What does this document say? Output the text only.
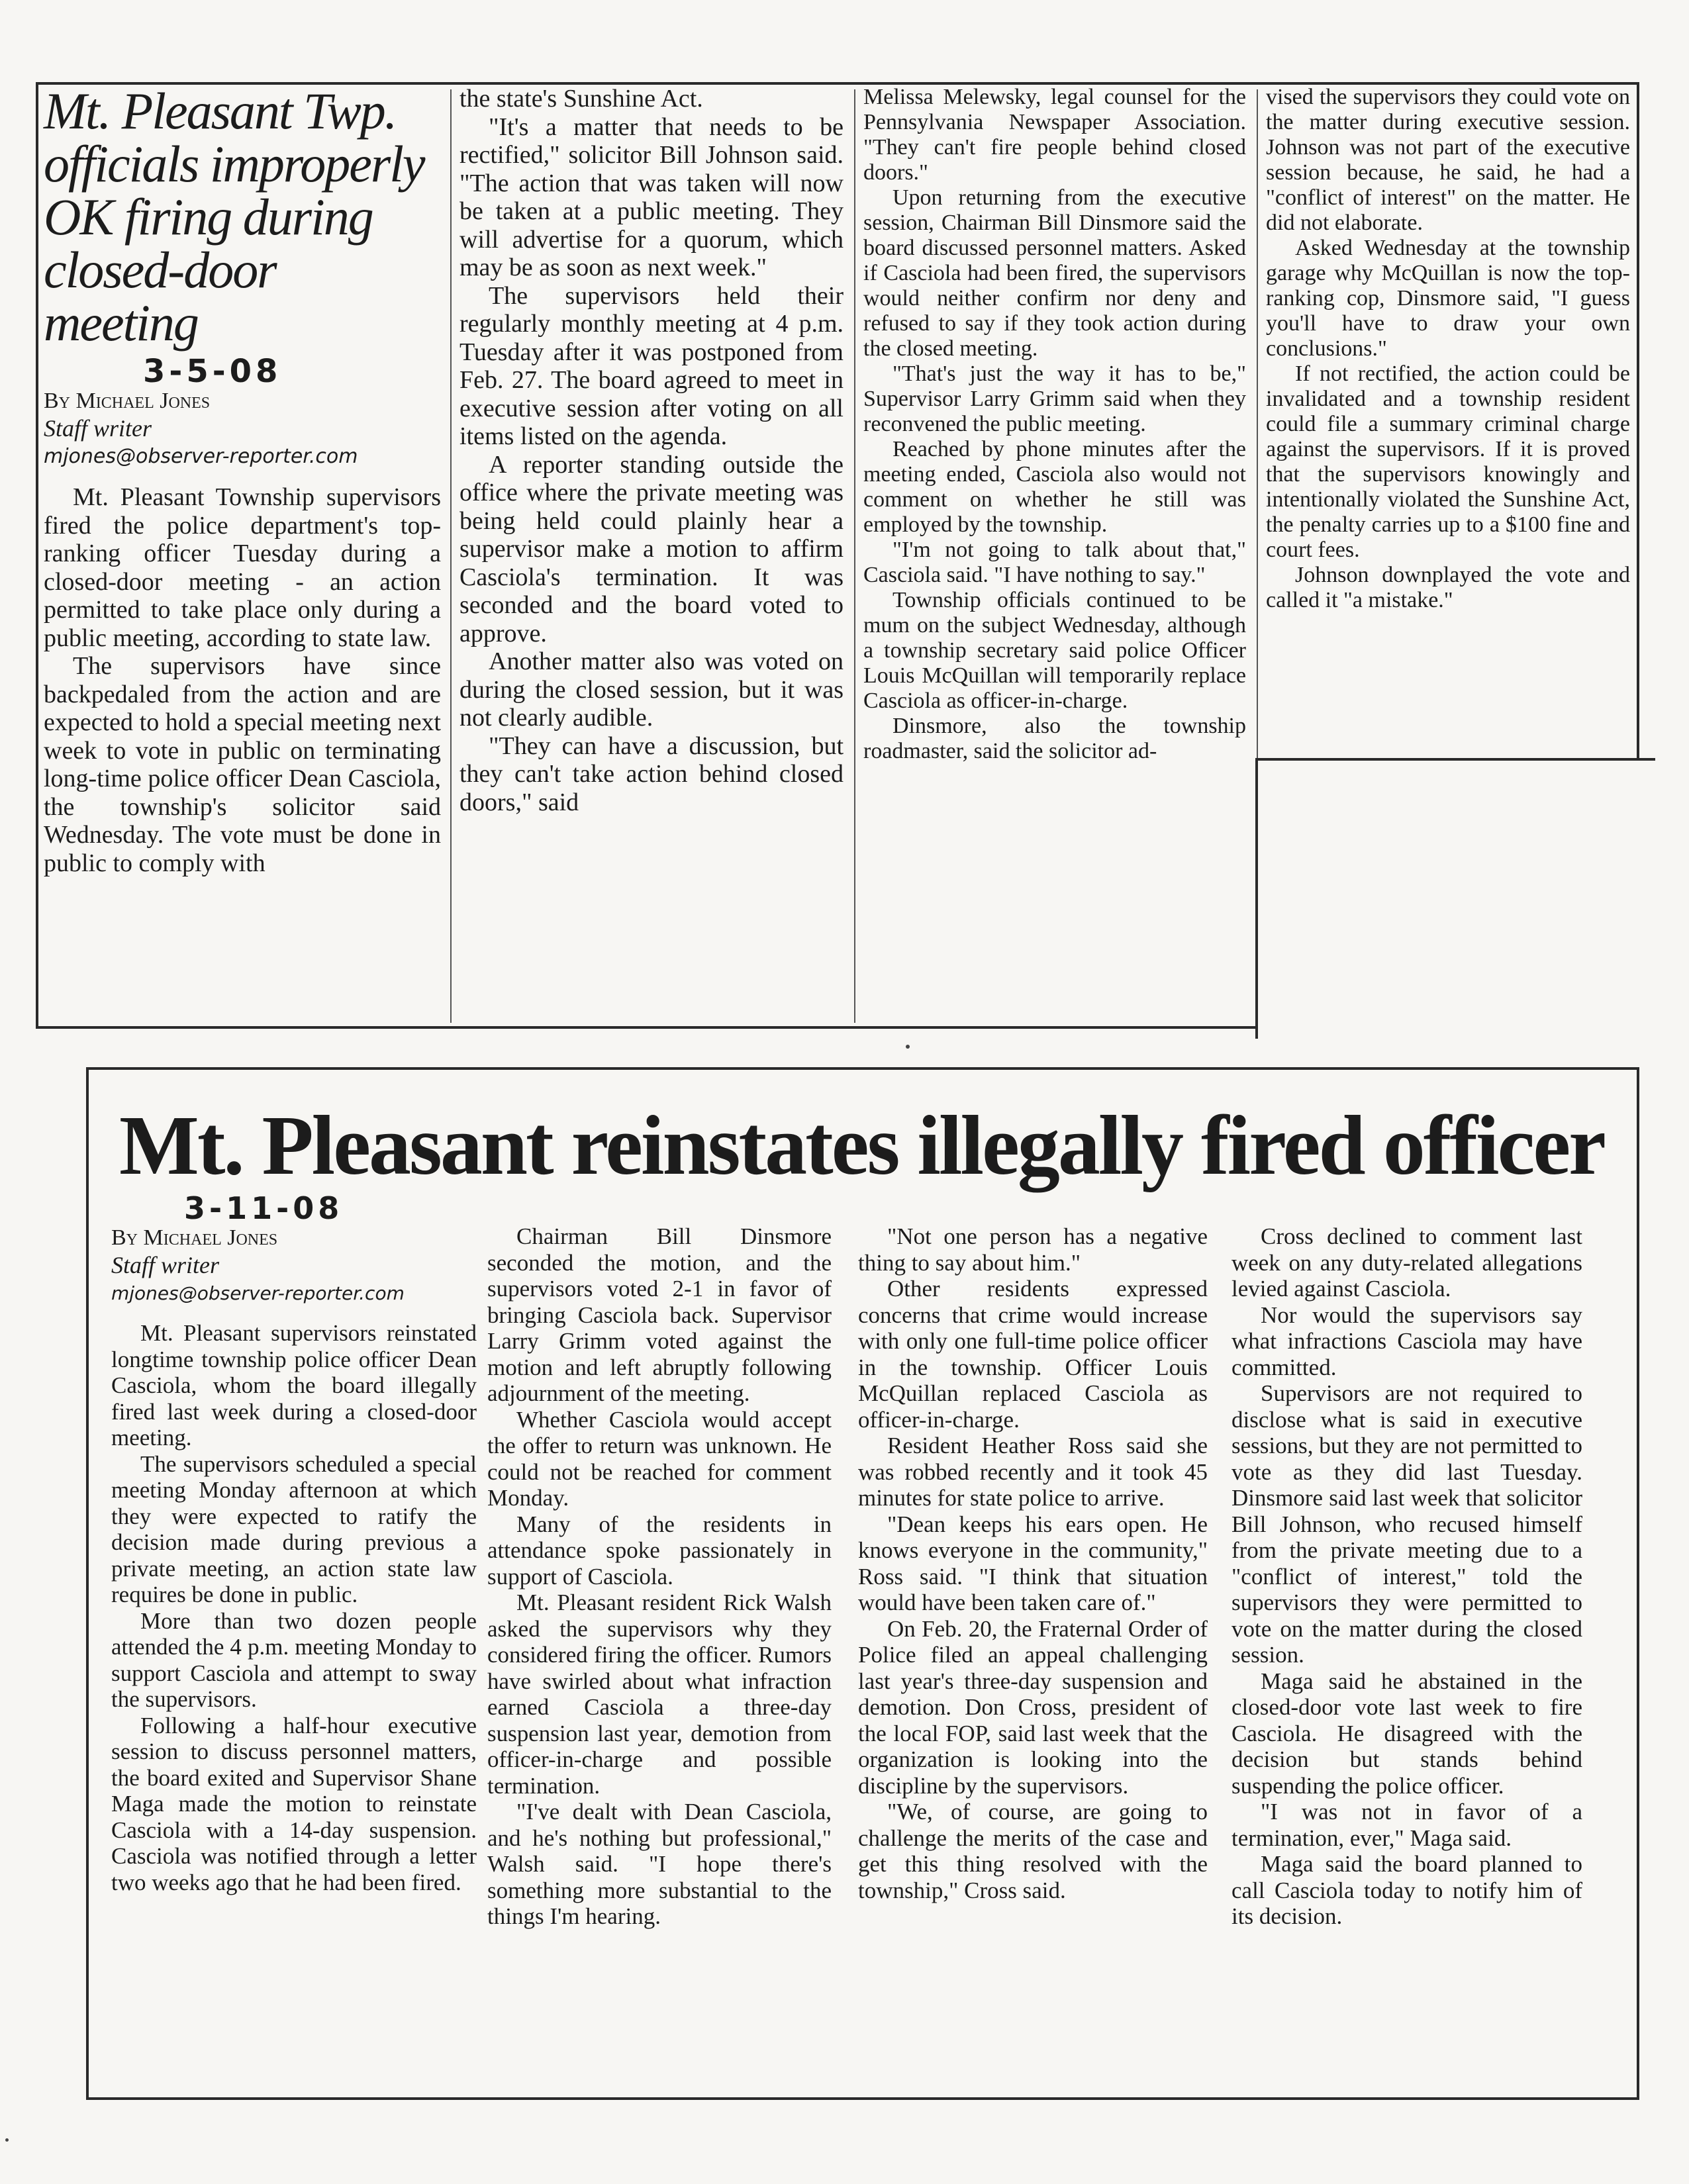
Mt. Pleasant Twp. officials improperly OK firing during closed-door meeting
3-5-08
By Michael Jones
Staff writer
mjones@observer-reporter.com

Mt. Pleasant Township supervisors fired the police department's top-ranking officer Tuesday during a closed-door meeting - an action permitted to take place only during a public meeting, according to state law.

The supervisors have since backpedaled from the action and are expected to hold a special meeting next week to vote in public on terminating long-time police officer Dean Casciola, the township's solicitor said Wednesday. The vote must be done in public to comply with

the state's Sunshine Act.

"It's a matter that needs to be rectified," solicitor Bill Johnson said. "The action that was taken will now be taken at a public meeting. They will advertise for a quorum, which may be as soon as next week."

The supervisors held their regularly monthly meeting at 4 p.m. Tuesday after it was postponed from Feb. 27. The board agreed to meet in executive session after voting on all items listed on the agenda.

A reporter standing outside the office where the private meeting was being held could plainly hear a supervisor make a motion to affirm Casciola's termination. It was seconded and the board voted to approve.

Another matter also was voted on during the closed session, but it was not clearly audible.

"They can have a discussion, but they can't take action behind closed doors," said

Melissa Melewsky, legal counsel for the Pennsylvania Newspaper Association. "They can't fire people behind closed doors."

Upon returning from the executive session, Chairman Bill Dinsmore said the board discussed personnel matters. Asked if Casciola had been fired, the supervisors would neither confirm nor deny and refused to say if they took action during the closed meeting.

"That's just the way it has to be," Supervisor Larry Grimm said when they reconvened the public meeting.

Reached by phone minutes after the meeting ended, Casciola also would not comment on whether he still was employed by the township.

"I'm not going to talk about that," Casciola said. "I have nothing to say."

Township officials continued to be mum on the subject Wednesday, although a township secretary said police Officer Louis McQuillan will temporarily replace Casciola as officer-in-charge.

Dinsmore, also the township roadmaster, said the solicitor ad-

vised the supervisors they could vote on the matter during executive session. Johnson was not part of the executive session because, he said, he had a "conflict of interest" on the matter. He did not elaborate.

Asked Wednesday at the township garage why McQuillan is now the top-ranking cop, Dinsmore said, "I guess you'll have to draw your own conclusions."

If not rectified, the action could be invalidated and a township resident could file a summary criminal charge against the supervisors. If it is proved that the supervisors knowingly and intentionally violated the Sunshine Act, the penalty carries up to a $100 fine and court fees.

Johnson downplayed the vote and called it "a mistake."

Mt. Pleasant reinstates illegally fired officer
3-11-08
By Michael Jones
Staff writer
mjones@observer-reporter.com

Mt. Pleasant supervisors reinstated longtime township police officer Dean Casciola, whom the board illegally fired last week during a closed-door meeting.

The supervisors scheduled a special meeting Monday afternoon at which they were expected to ratify the decision made during previous a private meeting, an action state law requires be done in public.

More than two dozen people attended the 4 p.m. meeting Monday to support Casciola and attempt to sway the supervisors.

Following a half-hour executive session to discuss personnel matters, the board exited and Supervisor Shane Maga made the motion to reinstate Casciola with a 14-day suspension. Casciola was notified through a letter two weeks ago that he had been fired.

Chairman Bill Dinsmore seconded the motion, and the supervisors voted 2-1 in favor of bringing Casciola back. Supervisor Larry Grimm voted against the motion and left abruptly following adjournment of the meeting.

Whether Casciola would accept the offer to return was unknown. He could not be reached for comment Monday.

Many of the residents in attendance spoke passionately in support of Casciola.

Mt. Pleasant resident Rick Walsh asked the supervisors why they considered firing the officer. Rumors have swirled about what infraction earned Casciola a three-day suspension last year, demotion from officer-in-charge and possible termination.

"I've dealt with Dean Casciola, and he's nothing but professional," Walsh said. "I hope there's something more substantial to the things I'm hearing.

"Not one person has a negative thing to say about him."

Other residents expressed concerns that crime would increase with only one full-time police officer in the township. Officer Louis McQuillan replaced Casciola as officer-in-charge.

Resident Heather Ross said she was robbed recently and it took 45 minutes for state police to arrive.

"Dean keeps his ears open. He knows everyone in the community," Ross said. "I think that situation would have been taken care of."

On Feb. 20, the Fraternal Order of Police filed an appeal challenging last year's three-day suspension and demotion. Don Cross, president of the local FOP, said last week that the organization is looking into the discipline by the supervisors.

"We, of course, are going to challenge the merits of the case and get this thing resolved with the township," Cross said.

Cross declined to comment last week on any duty-related allegations levied against Casciola.

Nor would the supervisors say what infractions Casciola may have committed.

Supervisors are not required to disclose what is said in executive sessions, but they are not permitted to vote as they did last Tuesday. Dinsmore said last week that solicitor Bill Johnson, who recused himself from the private meeting due to a "conflict of interest," told the supervisors they were permitted to vote on the matter during the closed session.

Maga said he abstained in the closed-door vote last week to fire Casciola. He disagreed with the decision but stands behind suspending the police officer.

"I was not in favor of a termination, ever," Maga said.

Maga said the board planned to call Casciola today to notify him of its decision.
